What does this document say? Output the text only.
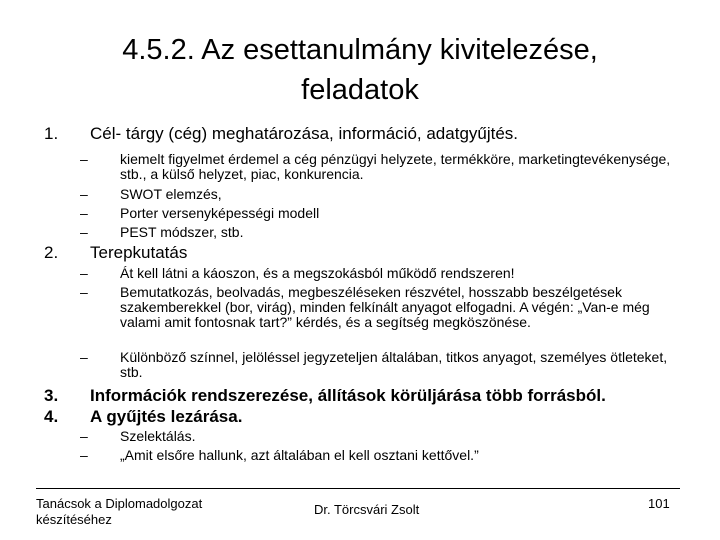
4.5.2. Az esettanulmány kivitelezése, feladatok
1. Cél- tárgy (cég) meghatározása, információ, adatgyűjtés.
– kiemelt figyelmet érdemel a cég pénzügyi helyzete, termékköre, marketingtevékenysége, stb., a külső helyzet, piac, konkurencia.
– SWOT elemzés,
– Porter versenyképességi modell
– PEST módszer, stb.
2. Terepkutatás
– Át kell látni a káoszon, és a megszokásból működő rendszeren!
– Bemutatkozás, beolvadás, megbeszéléseken részvétel, hosszabb beszélgetések szakemberekkel (bor, virág), minden felkínált anyagot elfogadni. A végén: „Van-e még valami amit fontosnak tart?” kérdés, és a segítség megköszönése.
– Különböző színnel, jelöléssel jegyzeteljen általában, titkos anyagot, személyes ötleteket, stb.
3. Információk rendszerezése, állítások körüljárása több forrásból.
4. A gyűjtés lezárása.
– Szelektálás.
– „Amit elsőre hallunk, azt általában el kell osztani kettővel.”
Tanácsok a Diplomadolgozat készítéséhez
Dr. Törcsvári Zsolt	101
